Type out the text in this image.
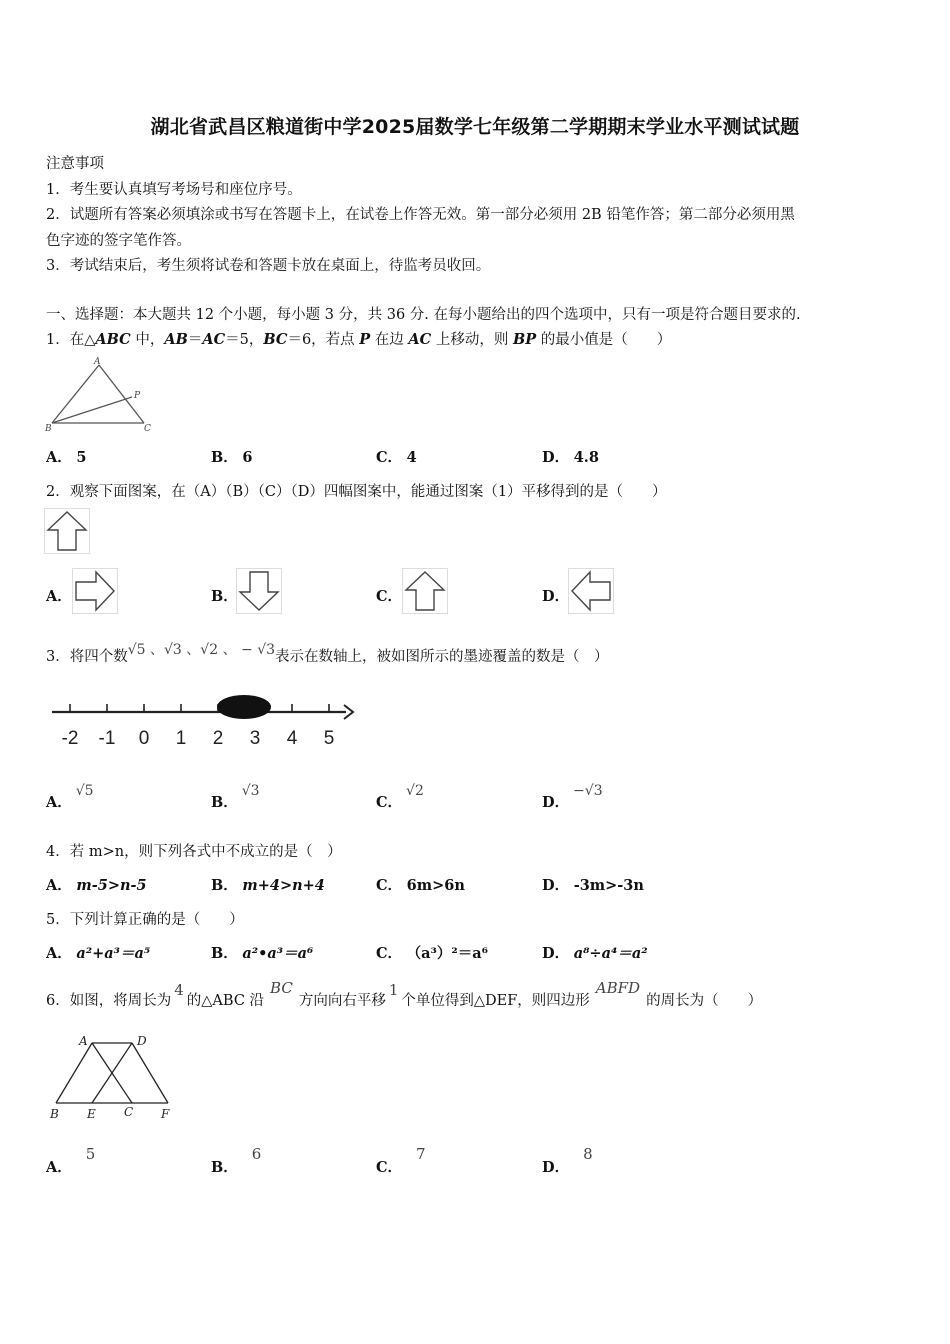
湖北省武昌区粮道街中学2025届数学七年级第二学期期末学业水平测试试题
注意事项
1．考生要认真填写考场号和座位序号。
2．试题所有答案必须填涂或书写在答题卡上，在试卷上作答无效。第一部分必须用 2B 铅笔作答；第二部分必须用黑
色字迹的签字笔作答。
3．考试结束后，考生须将试卷和答题卡放在桌面上，待监考员收回。
一、选择题：本大题共 12 个小题，每小题 3 分，共 36 分. 在每小题给出的四个选项中，只有一项是符合题目要求的.
1．在△ABC 中，AB＝AC＝5，BC＝6，若点 P 在边 AC 上移动，则 BP 的最小值是（　　）
A
B	C
P
A． 5	B． 6	C． 4	D． 4.8
2．观察下面图案，在（A）（B）（C）（D）四幅图案中，能通过图案（1）平移得到的是（　　）
A．	B．	C．	D．
3．将四个数√5 、√3 、√2 、 − √3表示在数轴上，被如图所示的墨迹覆盖的数是（　）
-2 -1 0 1 2 3 4 5
A．√5
B．√3
C．√2
D．−√3
4．若 m>n，则下列各式中不成立的是（　）
A． m-5>n-5	B． m+4>n+4	C． 6m>6n	D． -3m>-3n
5．下列计算正确的是（　　）
A． a²+a³＝a⁵	B． a²•a³＝a⁶	C． （a³）²＝a⁶	D． a⁸÷a⁴＝a²
6．如图，将周长为4的△ABC 沿BC方向向右平移1个单位得到△DEF，则四边形ABFD的周长为（　　）
A	D
B E C F
A．5
B．6
C．7
D．8
